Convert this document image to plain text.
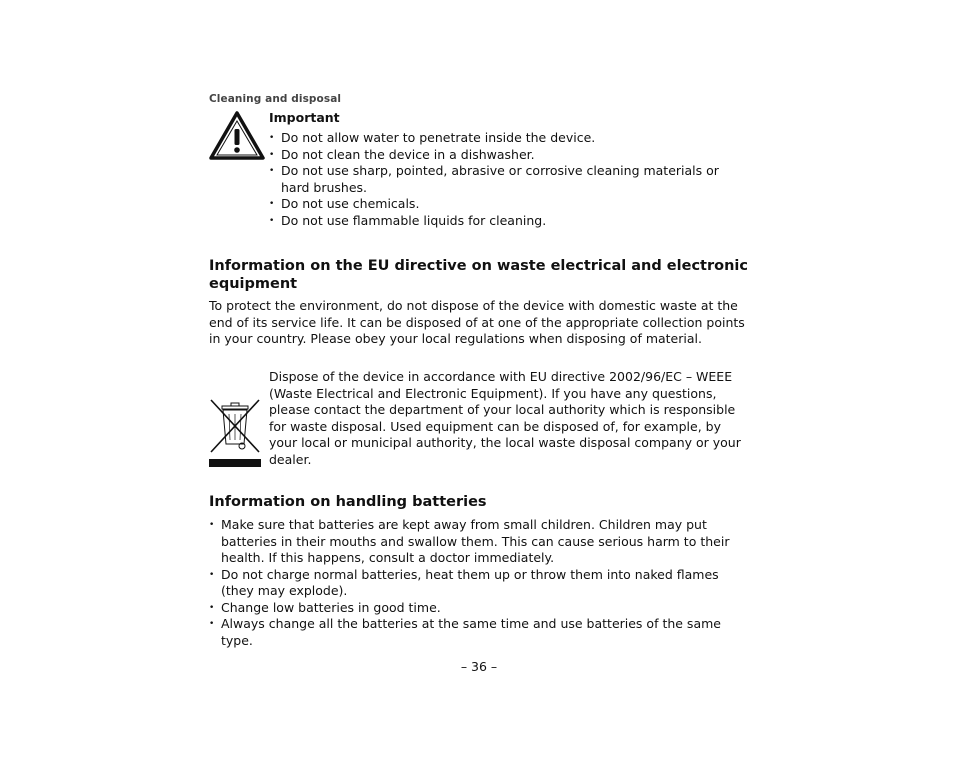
Cleaning and disposal
Important
• Do not allow water to penetrate inside the device.
• Do not clean the device in a dishwasher.
• Do not use sharp, pointed, abrasive or corrosive cleaning materials or hard brushes.
• Do not use chemicals.
• Do not use flammable liquids for cleaning.
Information on the EU directive on waste electrical and electronic equipment

To protect the environment, do not dispose of the device with domestic waste at the end of its service life. It can be disposed of at one of the appropriate collection points in your country. Please obey your local regulations when disposing of material.

Dispose of the device in accordance with EU directive 2002/96/EC – WEEE (Waste Electrical and Electronic Equipment). If you have any questions, please contact the department of your local authority which is responsible for waste disposal. Used equipment can be disposed of, for example, by your local or municipal authority, the local waste disposal company or your dealer.

Information on handling batteries
• Make sure that batteries are kept away from small children. Children may put batteries in their mouths and swallow them. This can cause serious harm to their health. If this happens, consult a doctor immediately.
• Do not charge normal batteries, heat them up or throw them into naked flames (they may explode).
• Change low batteries in good time.
• Always change all the batteries at the same time and use batteries of the same type.
– 36 –
